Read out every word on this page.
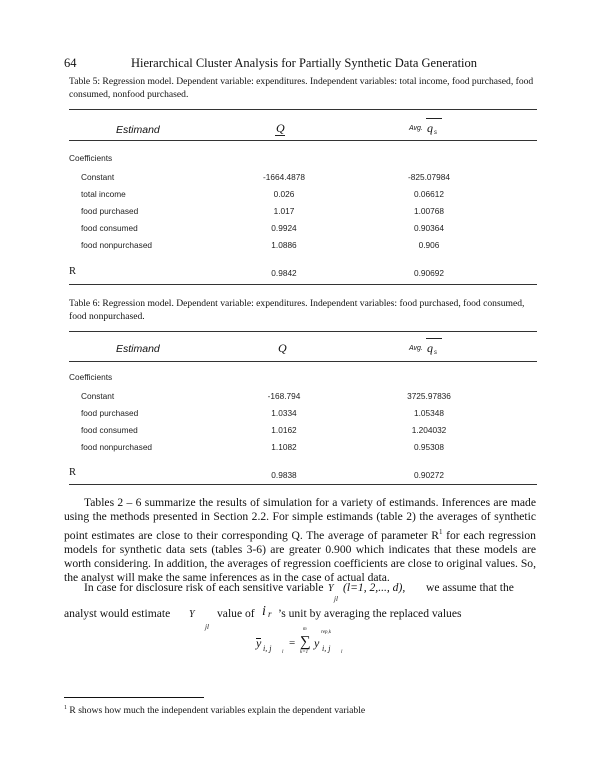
64	Hierarchical Cluster Analysis for Partially Synthetic Data Generation
Table 5: Regression model. Dependent variable: expenditures. Independent variables: total income, food purchased, food consumed, nonfood purchased.
Estimand	Q	Avg. q s
Coefficients
Constant	-1664.4878	-825.07984
total income	0.026	0.06612
food purchased	1.017	1.00768
food consumed	0.9924	0.90364
food nonpurchased	1.0886	0.906
R	0.9842	0.90692
Table 6: Regression model. Dependent variable: expenditures. Independent variables: food purchased, food consumed, food nonpurchased.
Estimand	Q	Avg. q s
Coefficients
Constant	-168.794	3725.97836
food purchased	1.0334	1.05348
food consumed	1.0162	1.204032
food nonpurchased	1.1082	0.95308
R	0.9838	0.90272
Tables 2 – 6 summarize the results of simulation for a variety of estimands. Inferences are made using the methods presented in Section 2.2. For simple estimands (table 2) the averages of synthetic point estimates are close to their corresponding Q. The average of parameter $R^1$ for each regression models for synthetic data sets (tables 3-6) are greater 0.900 which indicates that these models are worth considering. In addition, the averages of regression coefficients are close to original values. So, the analyst will make the same inferences as in the case of actual data.
In case for disclosure risk of each sensitive variable Y
jl
(l=1, 2,..., d), we assume that the
analyst would estimate Y
jl
value of i r ’s unit by averaging the replaced values
y i, j l
= ∑
m
k=1
y
rep,k
i, j l
$^1$ R shows how much the independent variables explain the dependent variable
